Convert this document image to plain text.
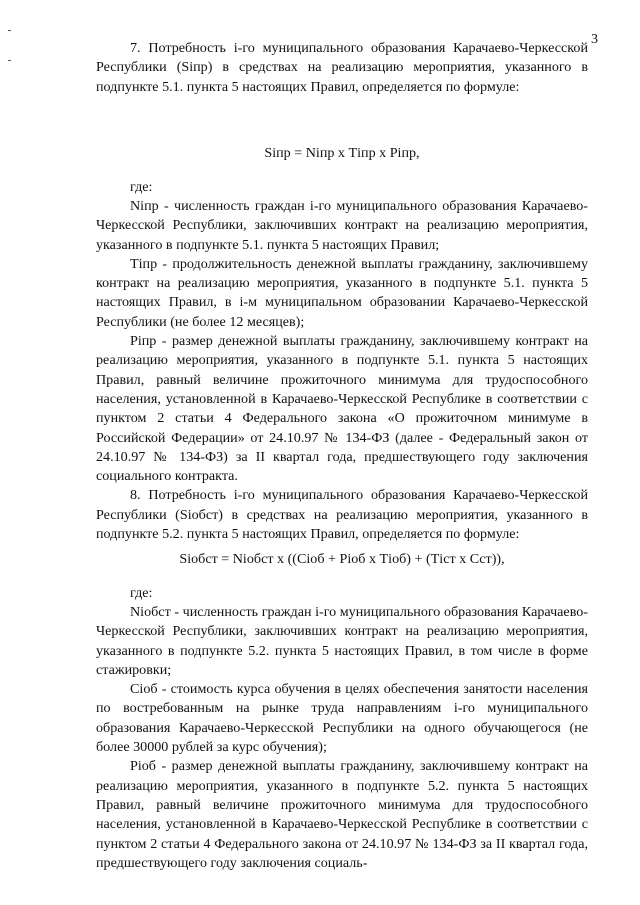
3

7. Потребность i-го муниципального образования Карачаево-Черкесской Республики (Siпр) в средствах на реализацию мероприятия, указанного в подпункте 5.1. пункта 5 настоящих Правил, определяется по формуле:

Siпр = Niпр x Тiпр x Рiпр,
где:

Niпр - численность граждан i-го муниципального образования Карачаево-Черкесской Республики, заключивших контракт на реализацию мероприятия, указанного в подпункте 5.1. пункта 5 настоящих Правил;

Тiпр - продолжительность денежной выплаты гражданину, заключившему контракт на реализацию мероприятия, указанного в подпункте 5.1. пункта 5 настоящих Правил, в i-м муниципальном образовании Карачаево-Черкесской Республики (не более 12 месяцев);

Рiпр - размер денежной выплаты гражданину, заключившему контракт на реализацию мероприятия, указанного в подпункте 5.1. пункта 5 настоящих Правил, равный величине прожиточного минимума для трудоспособного населения, установленной в Карачаево-Черкесской Республике в соответствии с пунктом 2 статьи 4 Федерального закона «О прожиточном минимуме в Российской Федерации» от 24.10.97 № 134-ФЗ (далее - Федеральный закон от 24.10.97 № 134-ФЗ) за II квартал года, предшествующего году заключения социального контракта.

8. Потребность i-го муниципального образования Карачаево-Черкесской Республики (Siобст) в средствах на реализацию мероприятия, указанного в подпункте 5.2. пункта 5 настоящих Правил, определяется по формуле:

Siобст = Niобст x ((Ciоб + Рiоб x Тiоб) + (Тiст x Сст)),
где:

Niобст - численность граждан i-го муниципального образования Карачаево-Черкесской Республики, заключивших контракт на реализацию мероприятия, указанного в подпункте 5.2. пункта 5 настоящих Правил, в том числе в форме стажировки;

Сiоб - стоимость курса обучения в целях обеспечения занятости населения по востребованным на рынке труда направлениям i-го муниципального образования Карачаево-Черкесской Республики на одного обучающегося (не более 30000 рублей за курс обучения);

Рiоб - размер денежной выплаты гражданину, заключившему контракт на реализацию мероприятия, указанного в подпункте 5.2. пункта 5 настоящих Правил, равный величине прожиточного минимума для трудоспособного населения, установленной в Карачаево-Черкесской Республике в соответствии с пунктом 2 статьи 4 Федерального закона от 24.10.97 № 134-ФЗ за II квартал года, предшествующего году заключения социаль-
